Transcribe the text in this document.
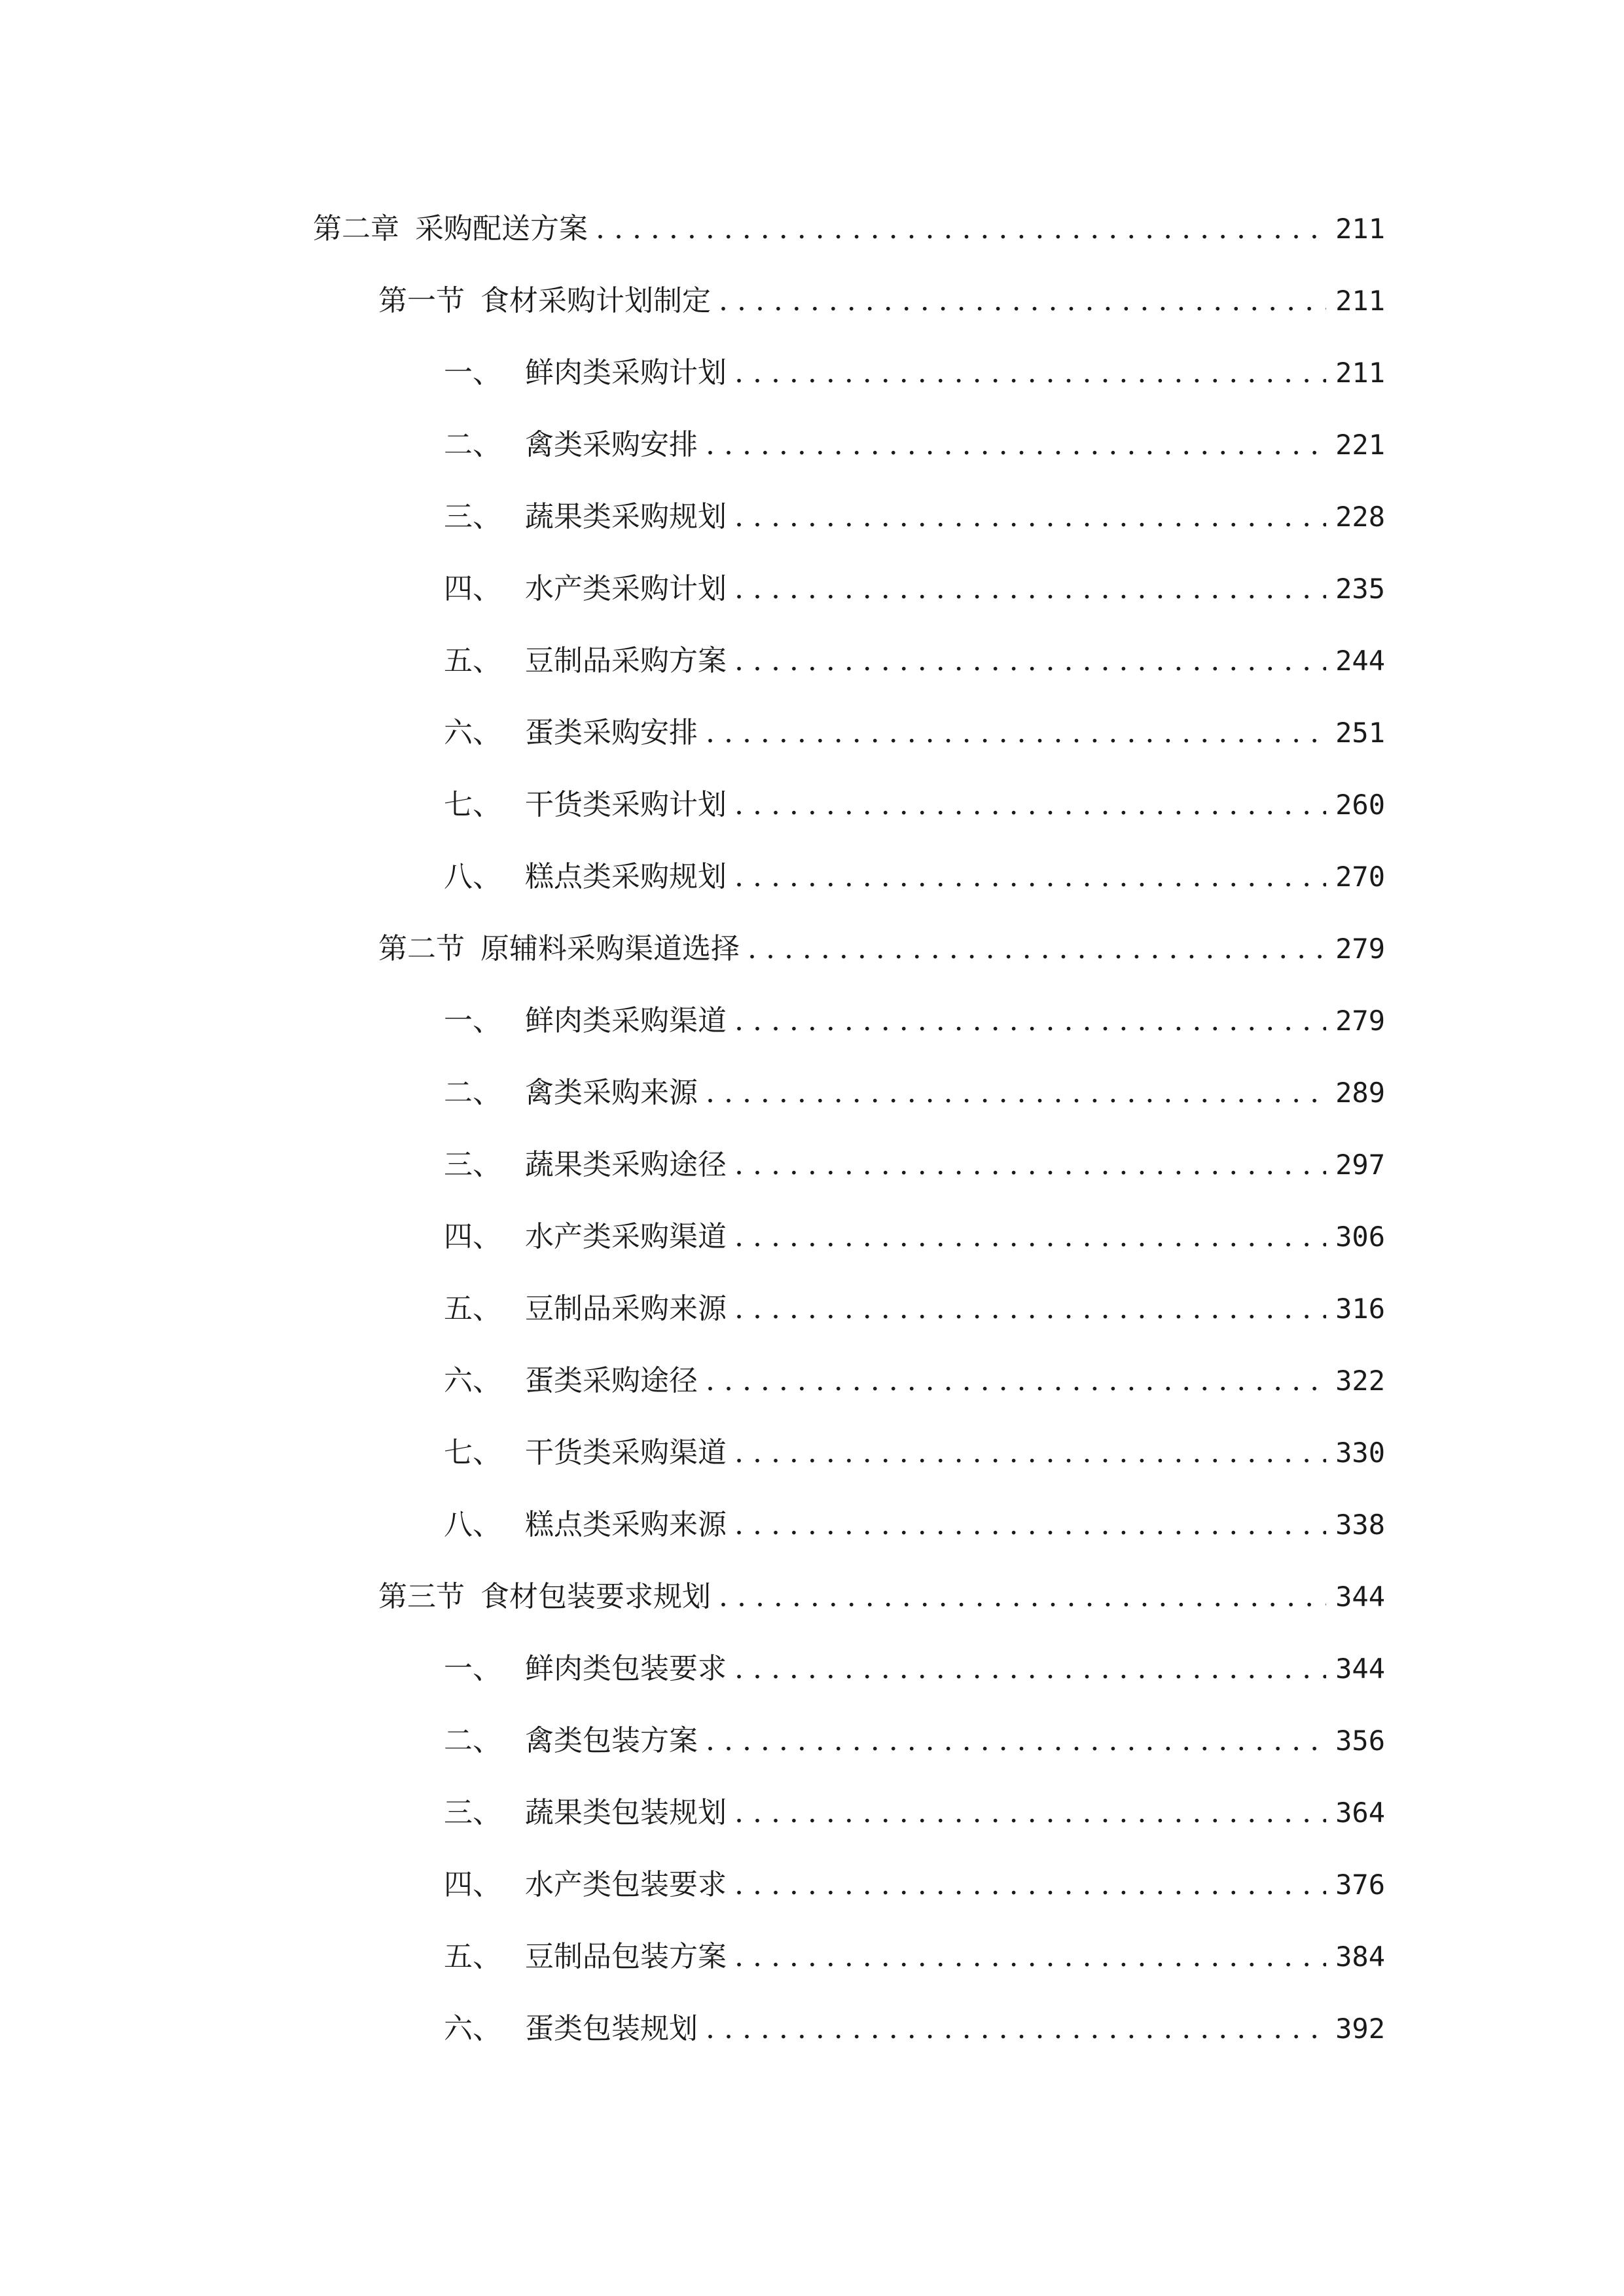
第二章 采购配送方案 . . .	211
第一节 食材采购计划制定 . . .	211
一、 鲜肉类采购计划 . . .	211
二、 禽类采购安排 . . .	221
三、 蔬果类采购规划 . . .	228
四、 水产类采购计划 . . .	235
五、 豆制品采购方案 . . .	244
六、 蛋类采购安排 . . .	251
七、 干货类采购计划 . . .	260
八、 糕点类采购规划 . . .	270
第二节 原辅料采购渠道选择 . . .	279
一、 鲜肉类采购渠道 . . .	279
二、 禽类采购来源 . . .	289
三、 蔬果类采购途径 . . .	297
四、 水产类采购渠道 . . .	306
五、 豆制品采购来源 . . .	316
六、 蛋类采购途径 . . .	322
七、 干货类采购渠道 . . .	330
八、 糕点类采购来源 . . .	338
第三节 食材包装要求规划 . . .	344
一、 鲜肉类包装要求 . . .	344
二、 禽类包装方案 . . .	356
三、 蔬果类包装规划 . . .	364
四、 水产类包装要求 . . .	376
五、 豆制品包装方案 . . .	384
六、 蛋类包装规划 . . .	392
